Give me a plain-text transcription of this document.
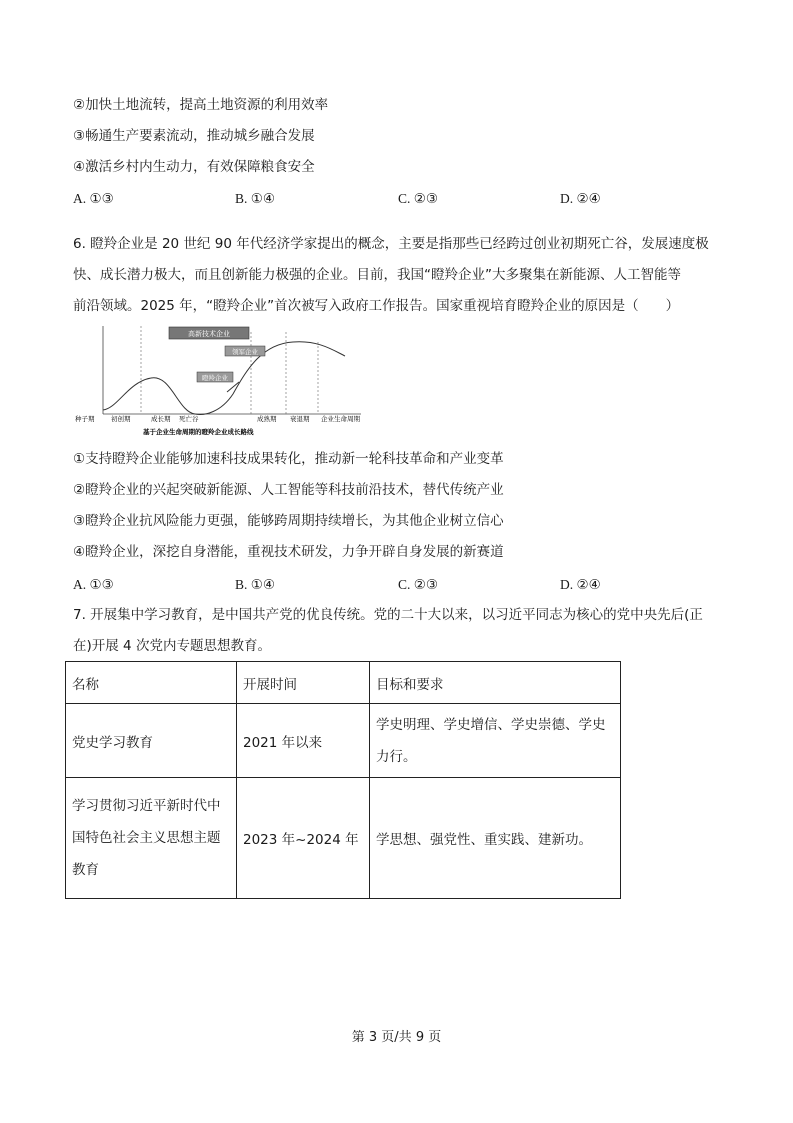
②加快土地流转，提高土地资源的利用效率
③畅通生产要素流动，推动城乡融合发展
④激活乡村内生动力，有效保障粮食安全
A. ①③	B. ①④	C. ②③	D. ②④
6. 瞪羚企业是 20 世纪 90 年代经济学家提出的概念，主要是指那些已经跨过创业初期死亡谷，发展速度极
快、成长潜力极大，而且创新能力极强的企业。目前，我国“瞪羚企业”大多聚集在新能源、人工智能等
前沿领域。2025 年，“瞪羚企业”首次被写入政府工作报告。国家重视培育瞪羚企业的原因是（　　）
高新技术企业
领军企业
瞪羚企业
种子期	初创期	成长期 死亡谷	成熟期 衰退期 企业生命周期
基于企业生命周期的瞪羚企业成长路线
①支持瞪羚企业能够加速科技成果转化，推动新一轮科技革命和产业变革
②瞪羚企业的兴起突破新能源、人工智能等科技前沿技术，替代传统产业
③瞪羚企业抗风险能力更强，能够跨周期持续增长，为其他企业树立信心
④瞪羚企业，深挖自身潜能，重视技术研发，力争开辟自身发展的新赛道
A. ①③	B. ①④	C. ②③	D. ②④
7. 开展集中学习教育，是中国共产党的优良传统。党的二十大以来，以习近平同志为核心的党中央先后(正
在)开展 4 次党内专题思想教育。
名称	开展时间	目标和要求
党史学习教育	2021 年以来	学史明理、学史增信、学史崇德、学史
力行。

学习贯彻习近平新时代中
国特色社会主义思想主题
教育	2023 年~2024 年	学思想、强党性、重实践、建新功。
第 3 页/共 9 页
